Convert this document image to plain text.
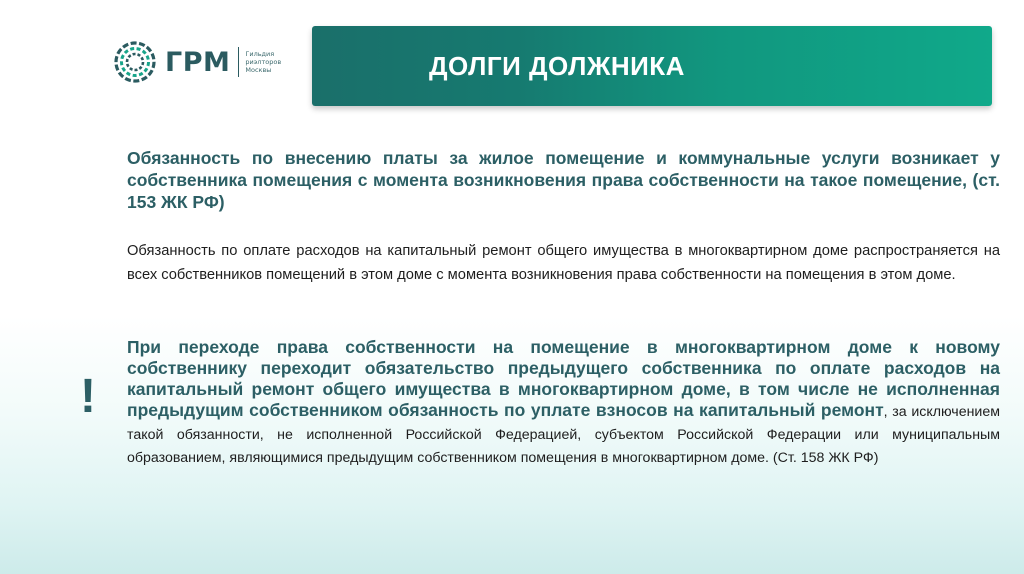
ГРМ Гильдия
риэлторов
Москвы	ДОЛГИ ДОЛЖНИКА
!

Обязанность по внесению платы за жилое помещение и коммунальные услуги возникает у собственника помещения с момента возникновения права собственности на такое помещение, (ст. 153 ЖК РФ)

Обязанность по оплате расходов на капитальный ремонт общего имущества в многоквартирном доме распространяется на всех собственников помещений в этом доме с момента возникновения права собственности на помещения в этом доме.

При переходе права собственности на помещение в многоквартирном доме к новому собственнику переходит обязательство предыдущего собственника по оплате расходов на капитальный ремонт общего имущества в многоквартирном доме, в том числе не исполненная предыдущим собственником обязанность по уплате взносов на капитальный ремонт, за исключением такой обязанности, не исполненной Российской Федерацией, субъектом Российской Федерации или муниципальным образованием, являющимися предыдущим собственником помещения в многоквартирном доме. (Ст. 158 ЖК РФ)
